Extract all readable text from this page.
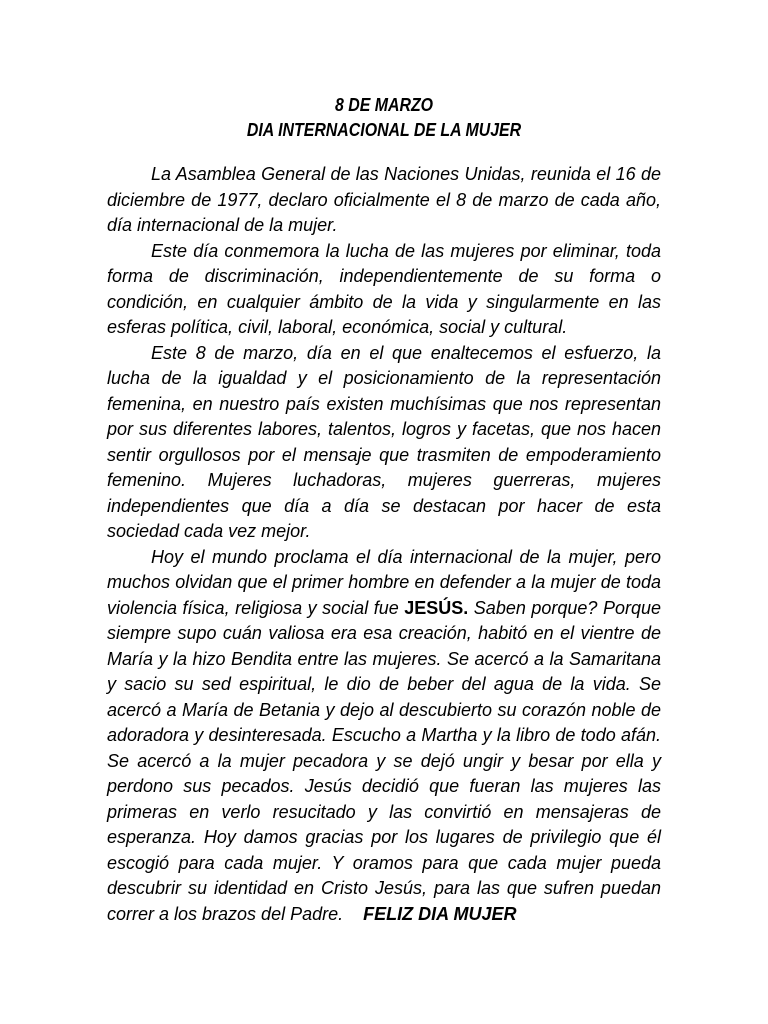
8 DE MARZO
DIA INTERNACIONAL DE LA MUJER

La Asamblea General de las Naciones Unidas, reunida el 16 de diciembre de 1977, declaro oficialmente el 8 de marzo de cada año, día internacional de la mujer.

Este día conmemora la lucha de las mujeres por eliminar, toda forma de discriminación, independientemente de su forma o condición, en cualquier ámbito de la vida y singularmente en las esferas política, civil, laboral, económica, social y cultural.

Este 8 de marzo, día en el que enaltecemos el esfuerzo, la lucha de la igualdad y el posicionamiento de la representación femenina, en nuestro país existen muchísimas que nos representan por sus diferentes labores, talentos, logros y facetas, que nos hacen sentir orgullosos por el mensaje que trasmiten de empoderamiento femenino. Mujeres luchadoras, mujeres guerreras, mujeres independientes que día a día se destacan por hacer de esta sociedad cada vez mejor.

Hoy el mundo proclama el día internacional de la mujer, pero muchos olvidan que el primer hombre en defender a la mujer de toda violencia física, religiosa y social fue JESÚS. Saben porque? Porque siempre supo cuán valiosa era esa creación, habitó en el vientre de María y la hizo Bendita entre las mujeres. Se acercó a la Samaritana y sacio su sed espiritual, le dio de beber del agua de la vida. Se acercó a María de Betania y dejo al descubierto su corazón noble de adoradora y desinteresada. Escucho a Martha y la libro de todo afán. Se acercó a la mujer pecadora y se dejó ungir y besar por ella y perdono sus pecados. Jesús decidió que fueran las mujeres las primeras en verlo resucitado y las convirtió en mensajeras de esperanza. Hoy damos gracias por los lugares de privilegio que él escogió para cada mujer. Y oramos para que cada mujer pueda descubrir su identidad en Cristo Jesús, para las que sufren puedan correr a los brazos del Padre. FELIZ DIA MUJER
